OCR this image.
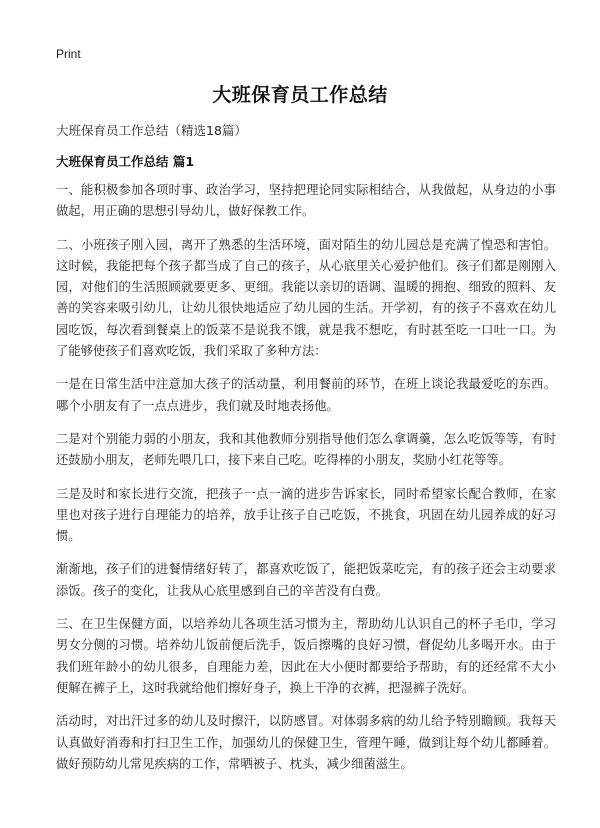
Print
大班保育员工作总结
大班保育员工作总结（精选18篇）
大班保育员工作总结 篇1

一、能积极参加各项时事、政治学习，坚持把理论同实际相结合，从我做起，从身边的小事做起，用正确的思想引导幼儿，做好保教工作。

二、小班孩子刚入园，离开了熟悉的生活环境，面对陌生的幼儿园总是充满了惶恐和害怕。这时候，我能把每个孩子都当成了自己的孩子，从心底里关心爱护他们。孩子们都是刚刚入园，对他们的生活照顾就要更多、更细。我能以亲切的语调、温暖的拥抱、细致的照料、友善的笑容来吸引幼儿，让幼儿很快地适应了幼儿园的生活。开学初，有的孩子不喜欢在幼儿园吃饭，每次看到餐桌上的饭菜不是说我不饿，就是我不想吃，有时甚至吃一口吐一口。为了能够使孩子们喜欢吃饭，我们采取了多种方法：

一是在日常生活中注意加大孩子的活动量，利用餐前的环节，在班上谈论我最爱吃的东西。哪个小朋友有了一点点进步，我们就及时地表扬他。

二是对个别能力弱的小朋友，我和其他教师分别指导他们怎么拿调羹，怎么吃饭等等，有时还鼓励小朋友，老师先喂几口，接下来自己吃。吃得棒的小朋友，奖励小红花等等。

三是及时和家长进行交流，把孩子一点一滴的进步告诉家长，同时希望家长配合教师，在家里也对孩子进行自理能力的培养，放手让孩子自己吃饭，不挑食，巩固在幼儿园养成的好习惯。

渐渐地，孩子们的进餐情绪好转了，都喜欢吃饭了，能把饭菜吃完，有的孩子还会主动要求添饭。孩子的变化，让我从心底里感到自己的辛苦没有白费。

三、在卫生保健方面，以培养幼儿各项生活习惯为主，帮助幼儿认识自己的杯子毛巾，学习男女分侧的习惯。培养幼儿饭前便后洗手，饭后擦嘴的良好习惯，督促幼儿多喝开水。由于我们班年龄小的幼儿很多，自理能力差，因此在大小便时都要给予帮助，有的还经常不大小便解在裤子上，这时我就给他们擦好身子，换上干净的衣裤，把湿裤子洗好。

活动时，对出汗过多的幼儿及时擦汗，以防感冒。对体弱多病的幼儿给予特别瞻顾。我每天认真做好消毒和打扫卫生工作，加强幼儿的保健卫生，管理午睡，做到让每个幼儿都睡着。做好预防幼儿常见疾病的工作，常晒被子、枕头，减少细菌滋生。
